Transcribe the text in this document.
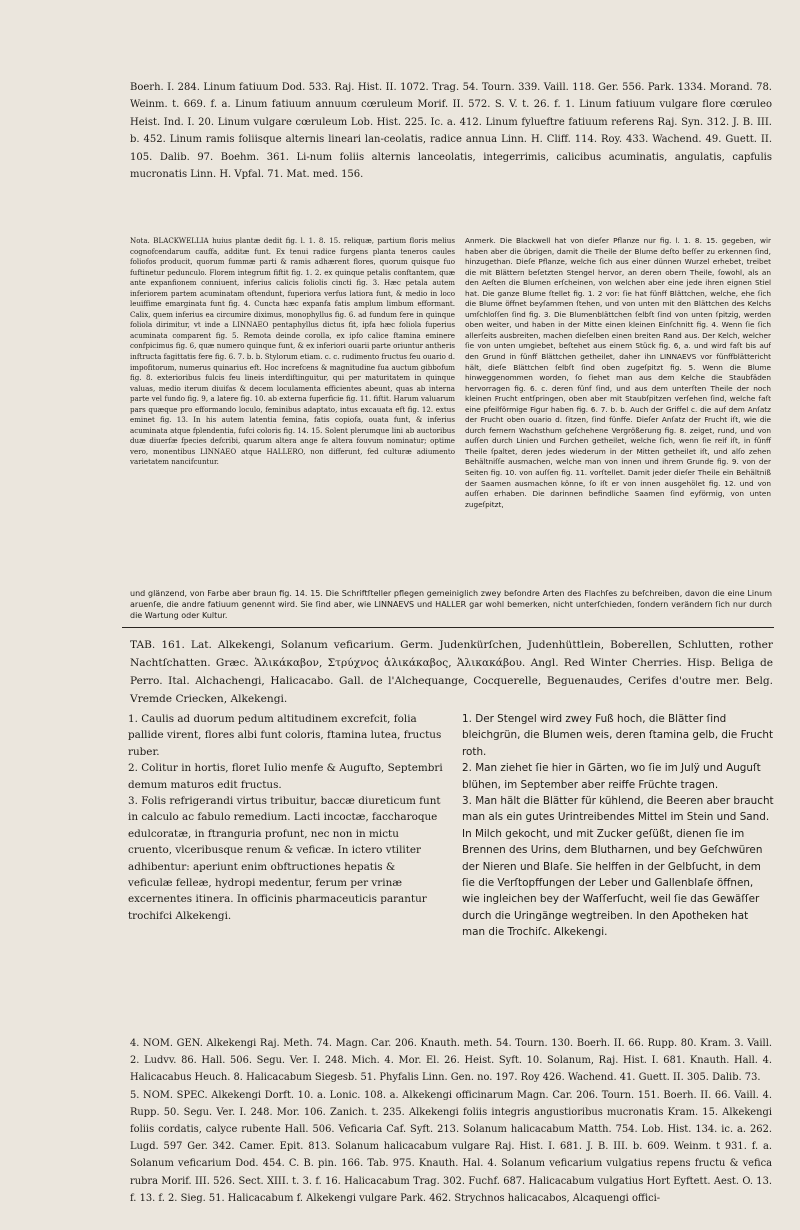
Boerh. I. 284. Linum fatiuum Dod. 533. Raj. Hist. II. 1072. Trag. 54. Tourn. 339. Vaill. 118. Ger. 556. Park. 1334. Morand. 78. Weinm. t. 669. f. a. Linum fatiuum annuum cœruleum Morif. II. 572. S. V. t. 26. f. 1. Linum fatiuum vulgare flore cœruleo Heist. Ind. I. 20. Linum vulgare cœruleum Lob. Hist. 225. Ic. a. 412. Linum fylueftre fatiuum referens Raj. Syn. 312. J. B. III. b. 452. Linum ramis foliisque alternis lineari lan-ceolatis, radice annua Linn. H. Cliff. 114. Roy. 433. Wachend. 49. Guett. II. 105. Dalib. 97. Boehm. 361. Li-num foliis alternis lanceolatis, integerrimis, calicibus acuminatis, angulatis, capfulis mucronatis Linn. H. Vpfal. 71. Mat. med. 156.

Nota. BLACKWELLIA huius plantæ dedit fig. l. 1. 8. 15. reliquæ, partium floris melius cognofcendarum cauffa, additæ funt. Ex tenui radice furgens planta teneros caules foliofos producit, quorum fummæ parti & ramis adhærent flores, quorum quisque fuo fuftinetur pedunculo. Florem integrum fiftit fig. 1. 2. ex quinque petalis conftantem, quæ ante expanfionem conniuent, inferius calicis foliolis cincti fig. 3. Hæc petala autem inferiorem partem acuminatam oftendunt, fuperiora verfus latiora funt, & medio in loco leuiffime emarginata funt fig. 4. Cuncta hæc expanfa fatis amplum limbum efformant. Calix, quem inferius ea circumire diximus, monophyllus fig. 6. ad fundum fere in quinque foliola dirimitur, vt inde a LINNAEO pentaphyllus dictus fit, ipfa hæc foliola fuperius acuminata comparent fig. 5. Remota deinde corolla, ex ipfo calice ftamina eminere confpicimus fig. 6, quæ numero quinque funt, & ex inferiori ouarii parte oriuntur antheris inftructa fagittatis fere fig. 6. 7. b. b. Stylorum etiam. c. c. rudimento fructus feu ouario d. impofitorum, numerus quinarius eft. Hoc increfcens & magnitudine fua auctum gibbofum fig. 8. exterioribus fulcis feu lineis interdiftinguitur, qui per maturitatem in quinque valuas, medio iterum diuifas & decem loculamenta efficientes abeunt, quas ab interna parte vel fundo fig. 9, a latere fig. 10. ab externa fuperficie fig. 11. fiftit. Harum valuarum pars quæque pro efformando loculo, feminibus adaptato, intus excauata eft fig. 12. extus eminet fig. 13. In his autem latentia femina, fatis copiofa, ouata funt, & inferius acuminata atque fplendentia, fufci coloris fig. 14. 15. Solent plerumque lini ab auctoribus duæ diuerfæ fpecies defcribi, quarum altera ange fe altera fouvum nominatur; optime vero, monentibus LINNAEO atque HALLERO, non differunt, fed culturæ adiumento varietatem nancifcuntur.

Anmerk. Die Blackwell hat von dieſer Pflanze nur fig. l. 1. 8. 15. gegeben, wir haben aber die übrigen, damit die Theile der Blume deſto beſſer zu erkennen ſind, hinzugethan. Dieſe Pflanze, welche ſich aus einer dünnen Wurzel erhebet, treibet die mit Blättern beſetzten Stengel hervor, an deren obern Theile, ſowohl, als an den Aeſten die Blumen erſcheinen, von welchen aber eine jede ihren eignen Stiel hat. Die ganze Blume ſtellet fig. 1. 2 vor: ſie hat fünff Blättchen, welche, ehe ſich die Blume öffnet beyſammen ſtehen, und von unten mit den Blättchen des Kelchs umſchloſſen ſind fig. 3. Die Blumenblättchen ſelbſt ſind von unten ſpitzig, werden oben weiter, und haben in der Mitte einen kleinen Einſchnitt fig. 4. Wenn ſie ſich allerſeits ausbreiten, machen dieſelben einen breiten Rand aus. Der Kelch, welcher ſie von unten umgiebet, beſtehet aus einem Stück fig. 6, a. und wird faſt bis auf den Grund in fünff Blättchen getheilet, daher ihn LINNAEVS vor fünffblättericht hält, dieſe Blättchen ſelbſt ſind oben zugeſpitzt fig. 5. Wenn die Blume hinweggenommen worden, ſo ſiehet man aus dem Kelche die Staubfäden hervorragen fig. 6. c. deren fünf ſind, und aus dem unterſten Theile der noch kleinen Frucht entſpringen, oben aber mit Staubſpitzen verſehen ſind, welche faſt eine pfeilförmige Figur haben fig. 6. 7. b. b. Auch der Griffel c. die auf dem Anſatz der Frucht oben ouario d. ſitzen, ſind fünffe. Dieſer Anſatz der Frucht iſt, wie die durch fernern Wachsthum geſchehene Vergrößerung fig. 8. zeiget, rund, und von auſſen durch Linien und Furchen getheilet, welche ſich, wenn ſie reif iſt, in fünff Theile ſpaltet, deren jedes wiederum in der Mitten getheilet iſt, und alſo zehen Behältniſſe ausmachen, welche man von innen und ihrem Grunde fig. 9. von der Seiten fig. 10. von auſſen fig. 11. vorſtellet. Damit jeder dieſer Theile ein Behältniß der Saamen ausmachen könne, ſo iſt er von innen ausgehölet fig. 12. und von auſſen erhaben. Die darinnen befindliche Saamen ſind eyförmig, von unten zugeſpitzt,

und glänzend, von Farbe aber braun fig. 14. 15. Die Schriftſteller pflegen gemeiniglich zwey beſondre Arten des Flachſes zu beſchreiben, davon die eine Linum aruenſe, die andre fatiuum genennt wird. Sie ſind aber, wie LINNAEVS und HALLER gar wohl bemerken, nicht unterſchieden, ſondern verändern ſich nur durch die Wartung oder Kultur.

TAB. 161. Lat. Alkekengi, Solanum veficarium. Germ. Judenkürſchen, Judenhüttlein, Boberellen, Schlutten, rother Nachtſchatten. Græc. Ἁλικάκαβον, Στρύχνος ἁλικάκαβος, Ἁλικακάβου. Angl. Red Winter Cherries. Hisp. Beliga de Perro. Ital. Alchachengi, Halicacabo. Gall. de l'Alchequange, Cocquerelle, Beguenaudes, Cerifes d'outre mer. Belg. Vremde Criecken, Alkekengi.

1. Caulis ad duorum pedum altitudinem excrefcit, folia pallide virent, flores albi funt coloris, ftamina lutea, fructus ruber.

2. Colitur in hortis, floret Iulio menfe & Augufto, Septembri demum maturos edit fructus.

3. Folis refrigerandi virtus tribuitur, baccæ diureticum funt in calculo ac fabulo remedium. Lacti incoctæ, faccharoque edulcoratæ, in ftranguria profunt, nec non in mictu cruento, vlceribusque renum & veficæ. In ictero vtiliter adhibentur: aperiunt enim obftructiones hepatis & veficulæ felleæ, hydropi medentur, ferum per vrinæ excernentes itinera. In officinis pharmaceuticis parantur trochifci Alkekengi.

1. Der Stengel wird zwey Fuß hoch, die Blätter ſind bleichgrün, die Blumen weis, deren ſtamina gelb, die Frucht roth.

2. Man ziehet ſie hier in Gärten, wo ſie im Julÿ und Auguſt blühen, im September aber reiffe Früchte tragen.

3. Man hält die Blätter für kühlend, die Beeren aber braucht man als ein gutes Urintreibendes Mittel im Stein und Sand. In Milch gekocht, und mit Zucker geſüßt, dienen ſie im Brennen des Urins, dem Blutharnen, und bey Geſchwüren der Nieren und Blaſe. Sie helffen in der Gelbſucht, in dem ſie die Verſtopffungen der Leber und Gallenblaſe öffnen, wie ingleichen bey der Waſſerſucht, weil ſie das Gewäſſer durch die Uringänge wegtreiben. In den Apotheken hat man die Trochiſc. Alkekengi.

4. NOM. GEN. Alkekengi Raj. Meth. 74. Magn. Car. 206. Knauth. meth. 54. Tourn. 130. Boerh. II. 66. Rupp. 80. Kram. 3. Vaill. 2. Ludvv. 86. Hall. 506. Segu. Ver. I. 248. Mich. 4. Mor. El. 26. Heist. Syft. 10. Solanum, Raj. Hist. I. 681. Knauth. Hall. 4. Halicacabus Heuch. 8. Halicacabum Siegesb. 51. Phyfalis Linn. Gen. no. 197. Roy 426. Wachend. 41. Guett. II. 305. Dalib. 73.

5. NOM. SPEC. Alkekengi Dorft. 10. a. Lonic. 108. a. Alkekengi officinarum Magn. Car. 206. Tourn. 151. Boerh. II. 66. Vaill. 4. Rupp. 50. Segu. Ver. I. 248. Mor. 106. Zanich. t. 235. Alkekengi foliis integris angustioribus mucronatis Kram. 15. Alkekengi foliis cordatis, calyce rubente Hall. 506. Veficaria Caf. Syft. 213. Solanum halicacabum Matth. 754. Lob. Hist. 134. ic. a. 262. Lugd. 597 Ger. 342. Camer. Epit. 813. Solanum halicacabum vulgare Raj. Hist. I. 681. J. B. III. b. 609. Weinm. t 931. f. a. Solanum veficarium Dod. 454. C. B. pin. 166. Tab. 975. Knauth. Hal. 4. Solanum veficarium vulgatius repens fructu & vefica rubra Morif. III. 526. Sect. XIII. t. 3. f. 16. Halicacabum Trag. 302. Fuchf. 687. Halicacabum vulgatius Hort Eyftett. Aest. O. 13. f. 13. f. 2. Sieg. 51. Halicacabum f. Alkekengi vulgare Park. 462. Strychnos halicacabos, Alcaquengi offici-
